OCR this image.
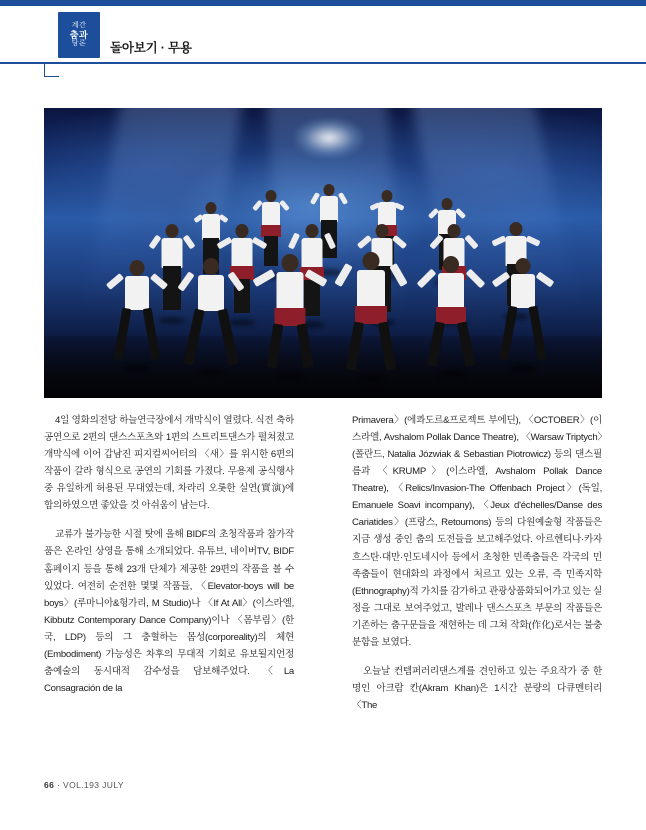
계간
춤과
담론 돌아보기 · 무용

4일 영화의전당 하늘연극장에서 개막식이 열렸다. 식전 축하공연으로 2편의 댄스스포츠와 1편의 스트리트댄스가 펼쳐졌고 개막식에 이어 갑남진 피지컬씨어터의 〈새〉를 위시한 6편의 작품이 갈라 형식으로 공연의 기회를 가졌다. 무용제 공식행사 중 유일하게 허용된 무대였는데, 차라리 오롯한 실연(實演)에 합의하였으면 좋았을 것 아쉬움이 남는다.

교류가 불가능한 시절 탓에 올해 BIDF의 초청작품과 참가작품은 온라인 상영을 통해 소개되었다. 유튜브, 네이버TV, BIDF 홈페이지 등을 통해 23개 단체가 제공한 29편의 작품을 볼 수 있었다. 여전히 순전한 몇몇 작품들, 〈Elevator-boys will be boys〉(루마니아&헝가리, M Studio)나 〈If At All〉(이스라엘, Kibbutz Contemporary Dance Company)이나 〈몸부림〉(한국, LDP) 등의 그 충혈하는 몸성(corporeality)의 체현(Embodiment) 가능성은 차후의 무대적 기회로 유보될지언정 춤예술의 동시대적 감수성을 담보해주었다. 〈La Consagración de la

Primavera〉(에콰도르&프로젝트 부에딘), 〈OCTOBER〉(이스라엘, Avshalom Pollak Dance Theatre), 〈Warsaw Triptych〉(폴란드, Natalia Józwiak & Sebastian Piotrowicz) 등의 댄스필름과 〈KRUMP〉(이스라엘, Avshalom Pollak Dance Theatre), 〈Relics/Invasion-The Offenbach Project〉(독일, Emanuele Soavi incompany), 〈Jeux d'échelles/Danse des Cariatides〉(프랑스, Retournons) 등의 다원예술형 작품들은 지금 생성 중인 춤의 도전들을 보고해주었다. 아르헨티나·카자흐스탄·대만·인도네시아 등에서 초청한 민족춤들은 각국의 민족춤들이 현대화의 과정에서 처르고 있는 오류, 즉 민족지학(Ethnography)적 가치를 감가하고 관광상품화되어가고 있는 실정을 그대로 보여주었고, 발레나 댄스스포츠 부문의 작품들은 기존하는 춤구문들을 재현하는 데 그쳐 작화(作化)로서는 불충분함을 보였다.

오늘날 컨템퍼러리댄스계를 견인하고 있는 주요작가 중 한 명인 아크람 칸(Akram Khan)은 1시간 분량의 다큐멘터리 〈The

66 · VOL.193 JULY
